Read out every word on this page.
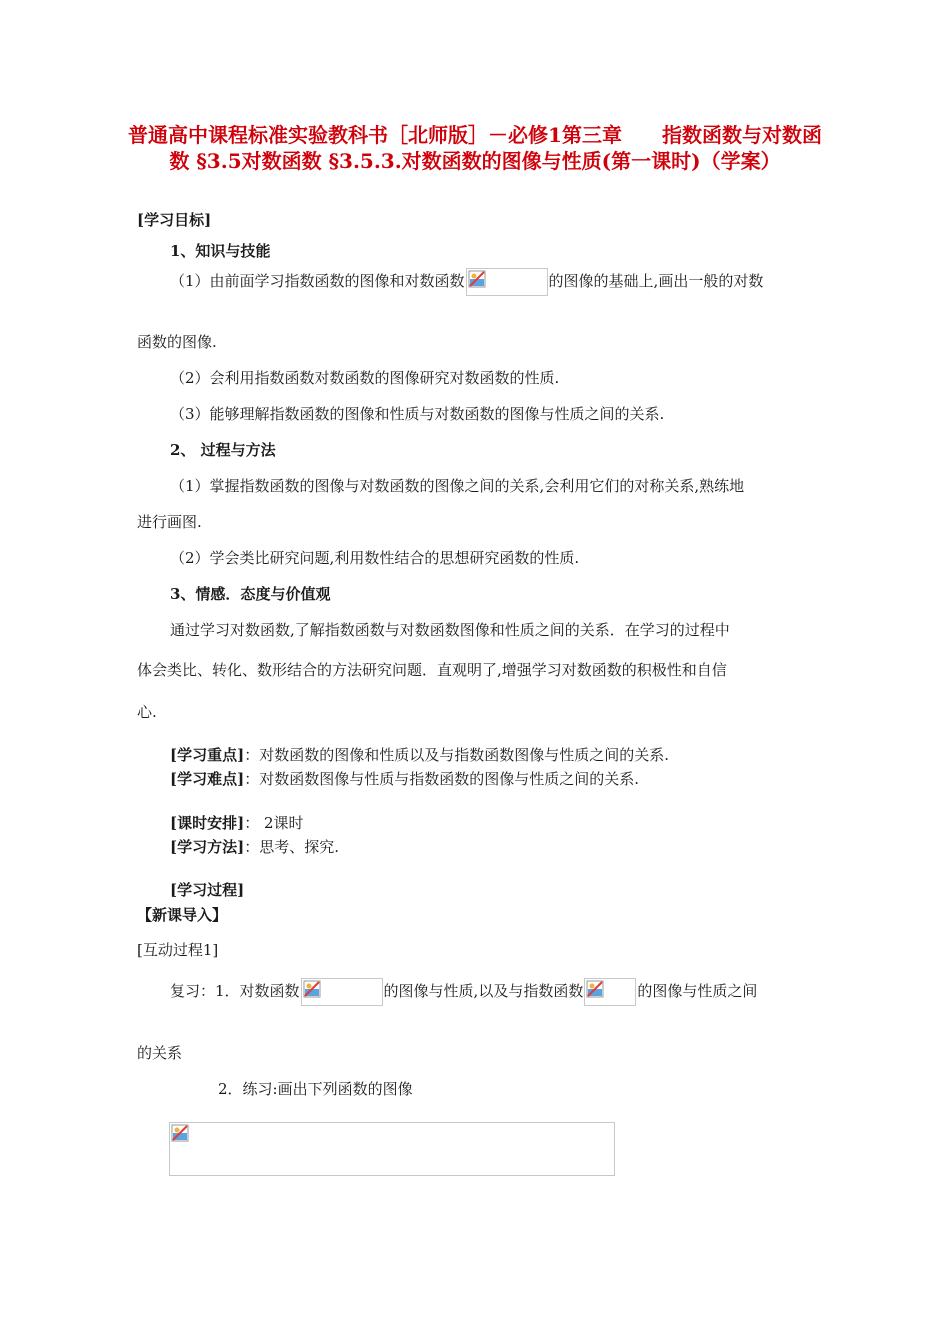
普通高中课程标准实验教科书［北师版］－必修1第三章　　指数函数与对数函数 §3.5对数函数 §3.5.3.对数函数的图像与性质(第一课时)（学案）
[学习目标]
1、知识与技能
（1）由前面学习指数函数的图像和对数函数	的图像的基础上,画出一般的对数
函数的图像.
（2）会利用指数函数对数函数的图像研究对数函数的性质.
（3）能够理解指数函数的图像和性质与对数函数的图像与性质之间的关系.
2、 过程与方法
（1）掌握指数函数的图像与对数函数的图像之间的关系,会利用它们的对称关系,熟练地
进行画图.
（2）学会类比研究问题,利用数性结合的思想研究函数的性质.
3、情感．态度与价值观
通过学习对数函数,了解指数函数与对数函数图像和性质之间的关系．在学习的过程中
体会类比、转化、数形结合的方法研究问题．直观明了,增强学习对数函数的积极性和自信
心.
[学习重点]：对数函数的图像和性质以及与指数函数图像与性质之间的关系.
[学习难点]：对数函数图像与性质与指数函数的图像与性质之间的关系.
[课时安排]： 2课时
[学习方法]：思考、探究.
[学习过程]
【新课导入】
[互动过程1]
复习：1．对数函数	的图像与性质,以及与指数函数	的图像与性质之间
的关系
2．练习:画出下列函数的图像
